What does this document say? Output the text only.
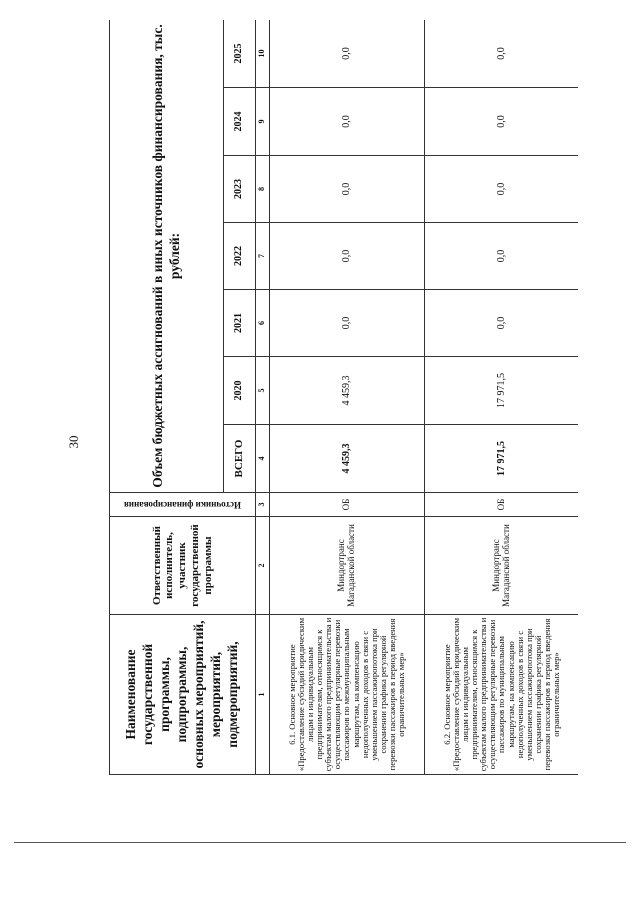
30
Наименование государственной программы, подпрограммы, основных мероприятий, мероприятий, подмероприятий,	Ответственный исполнитель, участник государственной программы	Источники финансирования	Объем бюджетных ассигнований в иных источников финансирования, тыс. рублей:						
			ВСЕГО	2020	2021	2022	2023	2024	2025
1	2	3	4	5	6	7	8	9	10
6.1. Основное мероприятие «Предоставление субсидий юридическим лицам и индивидуальным предпринимателям, относящимся к субъектам малого предпринимательства и осуществляющим регулярные перевозки пассажиров по межмуниципальным маршрутам, на компенсацию недополученных доходов в связи с уменьшением пассажиропотока при сохранении графика регулярной перевозки пассажиров в период введения ограничительных мер»	Миндортранс Магаданской области	ОБ	4 459,3	4 459,3	0,0	0,0	0,0	0,0	0,0
6.2. Основное мероприятие «Предоставление субсидий юридическим лицам и индивидуальным предпринимателям, относящимся к субъектам малого предпринимательства и осуществляющим регулярные перевозки пассажиров по муниципальным маршрутам, на компенсацию недополученных доходов в связи с уменьшением пассажиропотока при сохранении графика регулярной перевозки пассажиров в период введения ограничительных мер»	Миндортранс Магаданской области	ОБ	17 971,5	17 971,5	0,0	0,0	0,0	0,0	0,0
